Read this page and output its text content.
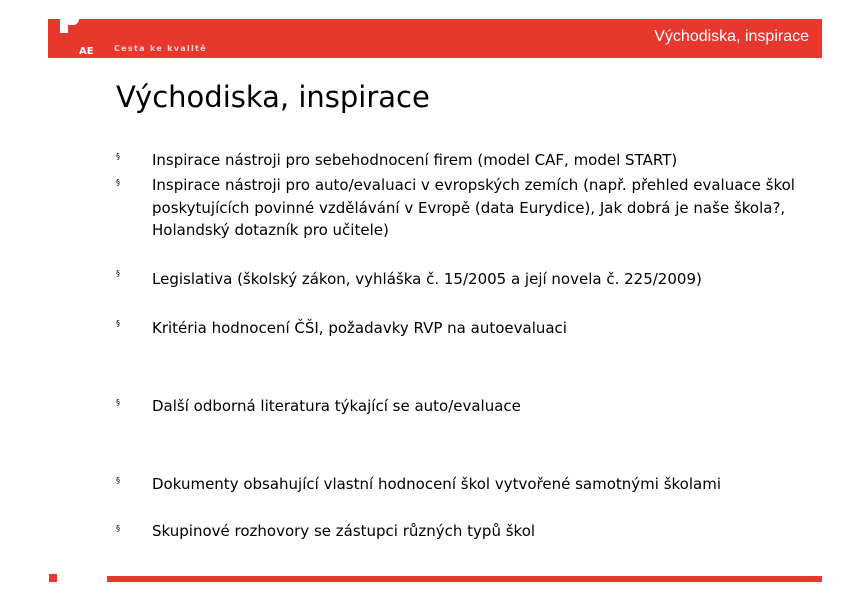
AE	Cesta ke kvalitě
Východiska, inspirace
Východiska, inspirace
§ Inspirace nástroji pro sebehodnocení firem (model CAF, model START)
§ Inspirace nástroji pro auto/evaluaci v evropských zemích (např. přehled evaluace škol poskytujících povinné vzdělávání v Evropě (data Eurydice), Jak dobrá je naše škola?, Holandský dotazník pro učitele)
§ Legislativa (školský zákon, vyhláška č. 15/2005 a její novela č. 225/2009)
§ Kritéria hodnocení ČŠI, požadavky RVP na autoevaluaci
§ Další odborná literatura týkající se auto/evaluace
§ Dokumenty obsahující vlastní hodnocení škol vytvořené samotnými školami
§ Skupinové rozhovory se zástupci různých typů škol
